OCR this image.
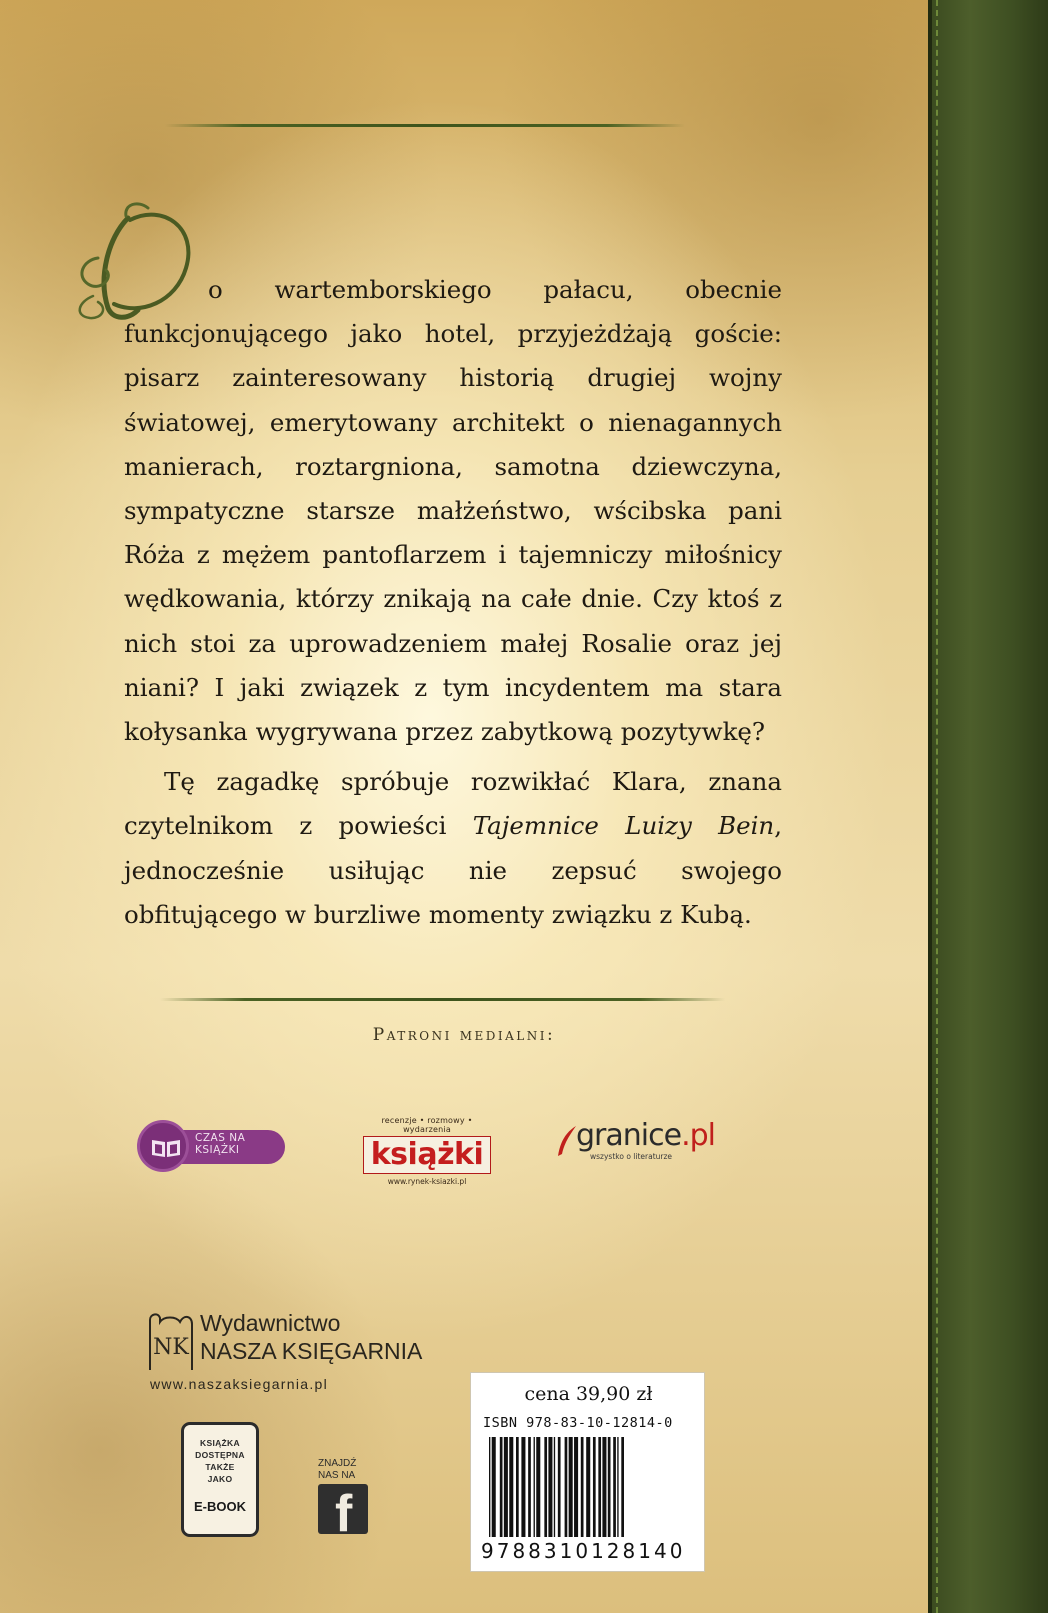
o wartemborskiego pałacu, obecnie funkcjonującego jako hotel, przyjeżdżają goście: pisarz zainteresowany historią drugiej wojny światowej, emerytowany architekt o nienagannych manierach, roztargniona, samotna dziewczyna, sympatyczne starsze małżeństwo, wścibska pani Róża z mężem pantoflarzem i tajemniczy miłośnicy wędkowania, którzy znikają na całe dnie. Czy ktoś z nich stoi za uprowadzeniem małej Rosalie oraz jej niani? I jaki związek z tym incydentem ma stara kołysanka wygrywana przez zabytkową pozytywkę?

Tę zagadkę spróbuje rozwikłać Klara, znana czytelnikom z powieści Tajemnice Luizy Bein, jednocześnie usiłując nie zepsuć swojego obfitującego w burzliwe momenty związku z Kubą.

Patroni medialni:
CZAS NA
KSIĄŻKI
recenzje • rozmowy • wydarzenia
książki
www.rynek-ksiazki.pl
granice.pl
wszystko o literaturze
NK
Wydawnictwo
NASZA KSIĘGARNIA
www.naszaksiegarnia.pl
KSIĄŻKA
DOSTĘPNA
TAKŻE
JAKO
E-BOOK
ZNAJDŹ
NAS NA
f
cena 39,90 zł
ISBN 978-83-10-12814-0
9788310128140
